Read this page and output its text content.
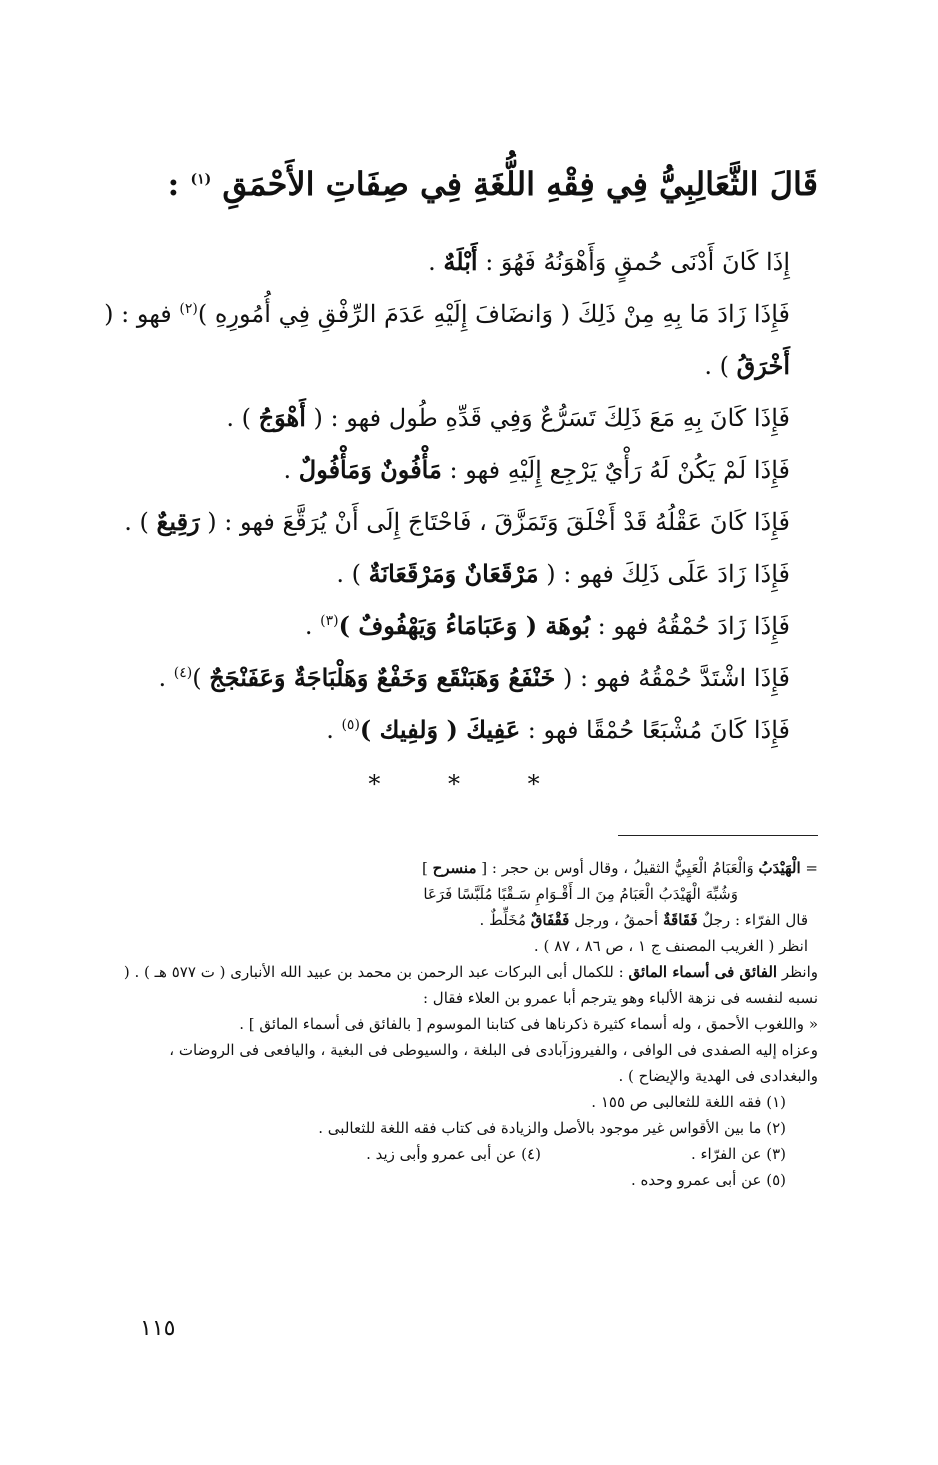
قَالَ الثَّعَالِبِيُّ فِي فِقْهِ اللُّغَةِ فِي صِفَاتِ الأَحْمَقِ $^{(١)}$ :

إِذَا كَانَ أَدْنَى حُمقٍ وَأَهْوَنُهُ فَهُوَ : أَبْلَهٌ .

فَإِذَا زَادَ مَا بِهِ مِنْ ذَلِكَ ( وَانضَافَ إِلَيْهِ عَدَمَ الرِّفْقِ فِي أُمُورِهِ )$^{(٢)}$ فهو : ( أَخْرَقُ ) .

فَإِذَا كَانَ بِهِ مَعَ ذَلِكَ تَسَرُّعٌ وَفِي قَدِّهِ طُول فهو : ( أَهْوَجُ ) .

فَإِذَا لَمْ يَكُنْ لَهُ رَأْيٌ يَرْجِع إِلَيْهِ فهو : مَأْفُونٌ وَمَأْفُولٌ .

فَإِذَا كَانَ عَقْلُهُ قَدْ أَخْلَقَ وَتَمَزَّقَ ، فَاحْتَاجَ إِلَى أَنْ يُرَقَّعَ فهو : ( رَقِيعٌ ) .

فَإِذَا زَادَ عَلَى ذَلِكَ فهو : ( مَرْقَعَانٌ وَمَرْقَعَانَةٌ ) .

فَإِذَا زَادَ حُمْقُهُ فهو : بُوهَة ( وَعَبَامَاءُ وَيَهْفُوفٌ )$^{(٣)}$ .

فَإِذَا اشْتَدَّ حُمْقُهُ فهو : ( خَنْفَعُ وَهَبَنْقَع وَخَفْعٌ وَهَلْبَاجَةٌ وَعَفَنْجَجٌ )$^{(٤)}$ .

فَإِذَا كَانَ مُشْبَعًا حُمْقًا فهو : عَفِيكَ ( وَلفِيك )$^{(٥)}$ .

* * *

= الْهَيْدَبُ وَالْعَبَامُ الْعَيِيُّ الثقيلُ ، وقال أوس بن حجر : [ منسرح ]

وَشُبِّهَ الْهَيْدَبُ الْعَبَامُ مِنَ الـ أَقْـوَامِ سَـقْبًا مُلَبَّسًا فَرَعَا

قال الفرّاء : رجلٌ فَقَاقَةٌ أحمقُ ، ورجل فَقْفَاقٌ مُخَلِّطٌ .

انظر ( الغريب المصنف ج ١ ، ص ٨٦ ، ٨٧ ) .

وانظر الفائق فى أسماء المائق : للكمال أبى البركات عبد الرحمن بن محمد بن عبيد الله الأنبارى ( ت ٥٧٧ هـ ) . ( نسبه لنفسه فى نزهة الألباء وهو يترجم أبا عمرو بن العلاء فقال :

« واللغوب الأحمق ، وله أسماء كثيرة ذكرناها فى كتابنا الموسوم [ بالفائق فى أسماء المائق ] .

وعزاه إليه الصفدى فى الوافى ، والفيروزآبادى فى البلغة ، والسيوطى فى البغية ، واليافعى فى الروضات ، والبغدادى فى الهدية والإيضاح ) .

(١) فقه اللغة للثعالبى ص ١٥٥ .

(٢) ما بين الأقواس غير موجود بالأصل والزيادة فى كتاب فقه اللغة للثعالبى .

(٣) عن الفرّاء .
(٤) عن أبى عمرو وأبى زيد .

(٥) عن أبى عمرو وحده .

١١٥
